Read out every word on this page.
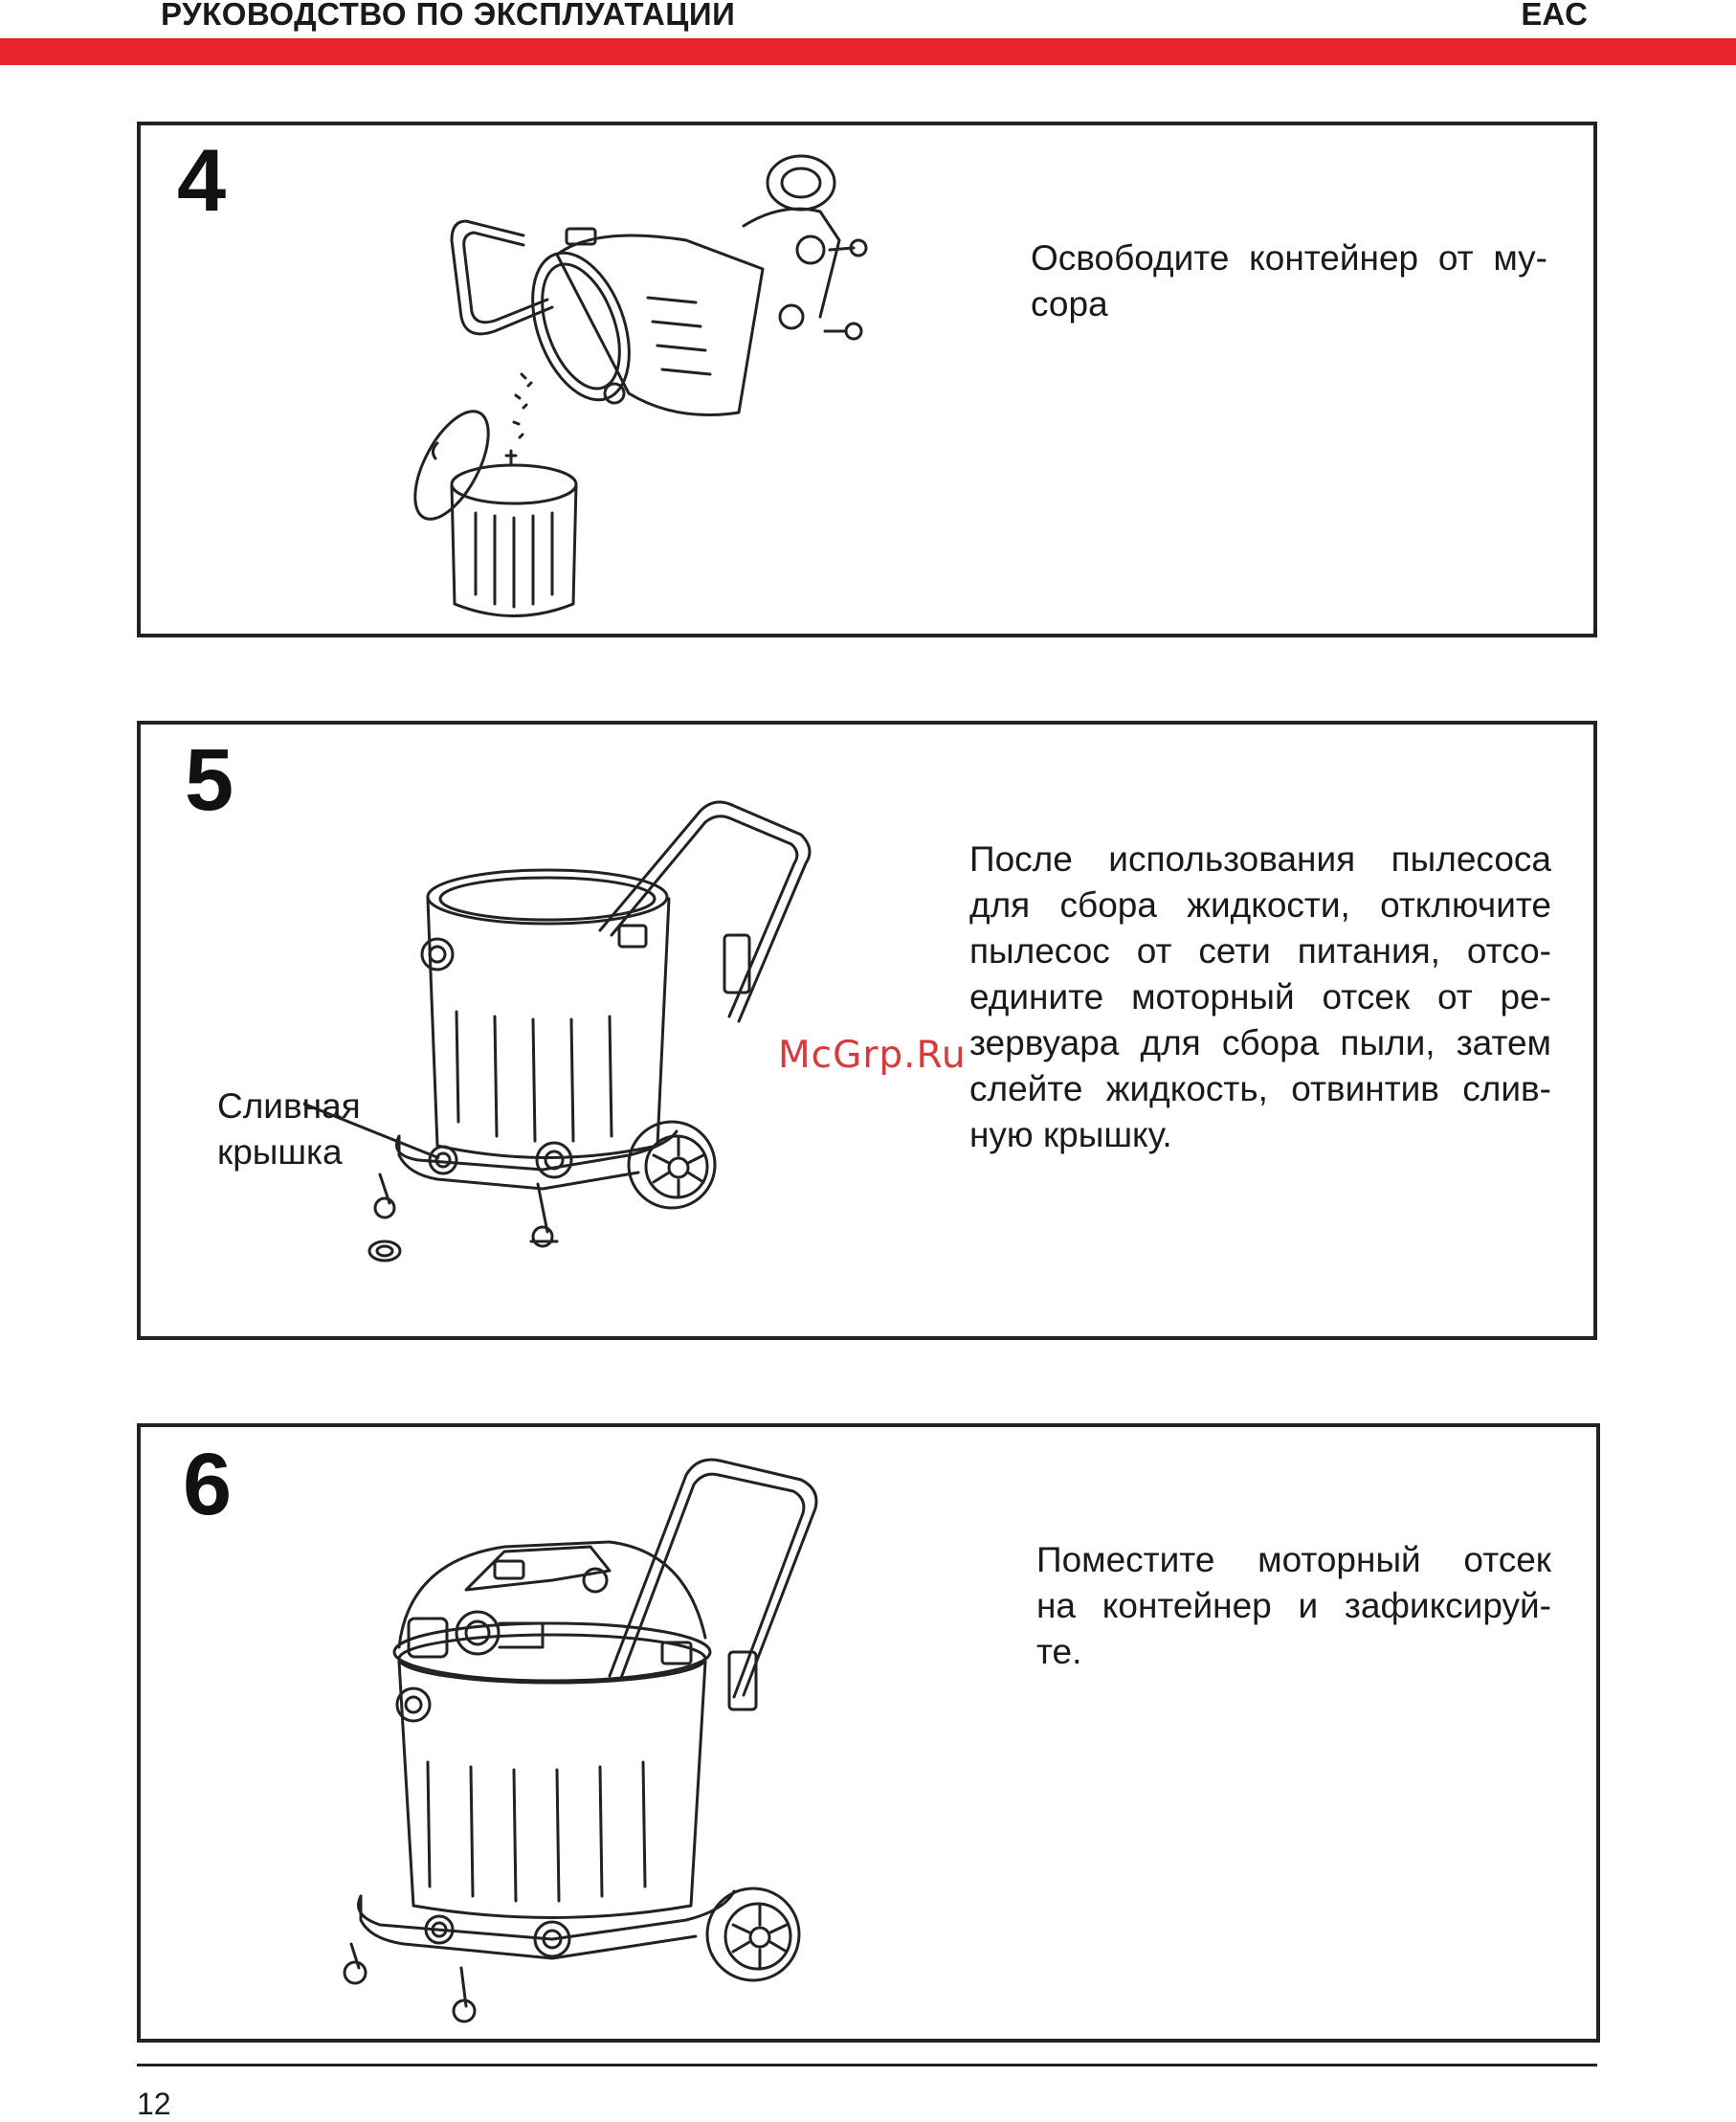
РУКОВОДСТВО ПО ЭКСПЛУАТАЦИИ	EAC
4
Освободите контейнер от му-
сора
5
Сливная
крышка
McGrp.Ru
После использования пылесоса
для сбора жидкости, отключите
пылесос от сети питания, отсо-
едините моторный отсек от ре-
зервуара для сбора пыли, затем
слейте жидкость, отвинтив слив-
ную крышку.
6
Поместите моторный отсек
на контейнер и зафиксируй-
те.
12
